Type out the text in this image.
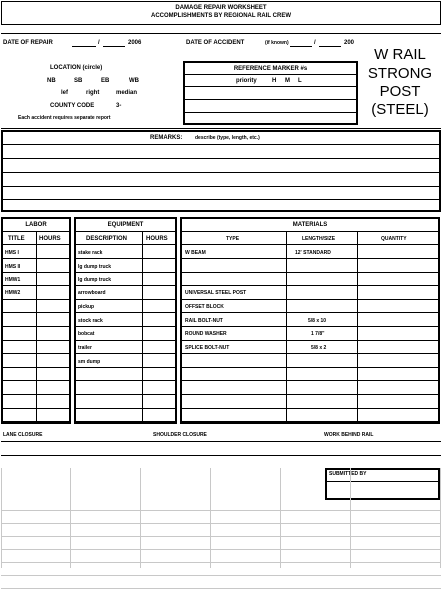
DAMAGE REPAIR WORKSHEET
ACCOMPLISHMENTS BY REGIONAL RAIL CREW
DATE OF REPAIR	/	2006	DATE OF ACCIDENT	(if known)	/	200
LOCATION (circle)
NB	SB	EB	WB
lef	right	median
COUNTY CODE	3-
Each accident requires separate report
REFERENCE MARKER #s
priority	H M L
W RAIL
STRONG
POST
(STEEL)
REMARKS:	describe (type, length, etc.)
LABOR
TITLE HOURS
HMS I
HMS II
HMW1
HMW2
EQUIPMENT
DESCRIPTION	HOURS
stake rack
lg dump truck
lg dump truck
arrowboard
pickup
stock rack
bobcat
trailer
sm dump
MATERIALS
TYPE	LENGTH/SIZE	QUANTITY
W BEAM	12' STANDARD
UNIVERSAL STEEL POST
OFFSET BLOCK
RAIL BOLT-NUT	5/8 x 10
ROUND WASHER	1 7/8"
SPLICE BOLT-NUT	5/8 x 2
LANE CLOSURE	SHOULDER CLOSURE	WORK BEHIND RAIL
SUBMITTED BY
